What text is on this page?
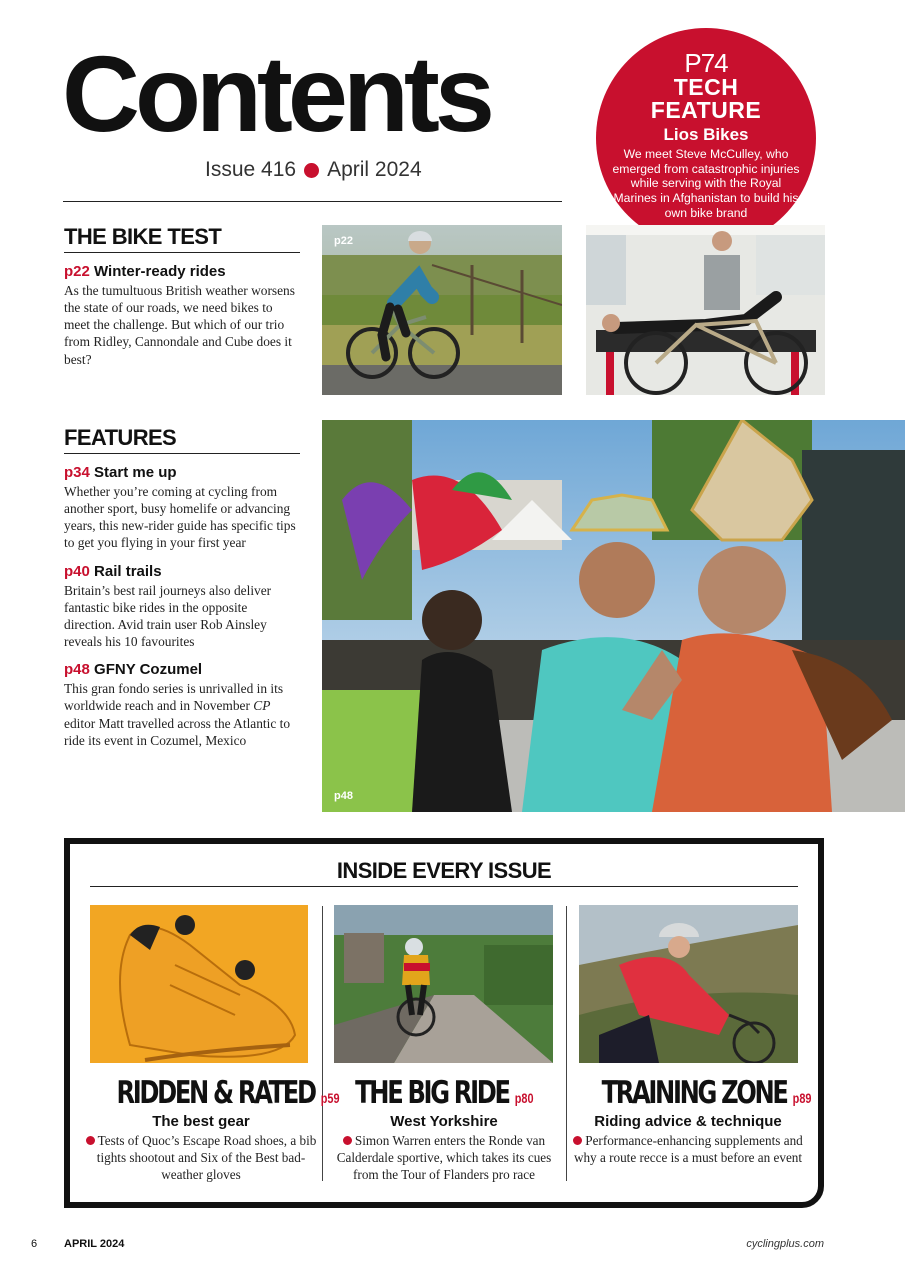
Contents
Issue 416 April 2024
P74
TECH
FEATURE
Lios Bikes
We meet Steve McCulley, who emerged from catastrophic injuries while serving with the Royal Marines in Afghanistan to build his own bike brand
THE BIKE TEST
p22 Winter-ready rides
As the tumultuous British weather worsens the state of our roads, we need bikes to meet the challenge. But which of our trio from Ridley, Cannondale and Cube does it best?
p22
FEATURES
p34 Start me up
Whether you’re coming at cycling from another sport, busy homelife or advancing years, this new-rider guide has specific tips to get you flying in your first year
p40 Rail trails
Britain’s best rail journeys also deliver fantastic bike rides in the opposite direction. Avid train user Rob Ainsley reveals his 10 favourites
p48 GFNY Cozumel
This gran fondo series is unrivalled in its worldwide reach and in November CP editor Matt travelled across the Atlantic to ride its event in Cozumel, Mexico
p48
INSIDE EVERY ISSUE
RIDDEN & RATED p59
The best gear
Tests of Quoc’s Escape Road shoes, a bib tights shootout and Six of the Best bad-weather gloves
THE BIG RIDE p80
West Yorkshire
Simon Warren enters the Ronde van Calderdale sportive, which takes its cues from the Tour of Flanders pro race
TRAINING ZONE p89
Riding advice & technique
Performance-enhancing supplements and why a route recce is a must before an event
6 APRIL 2024	cyclingplus.com
